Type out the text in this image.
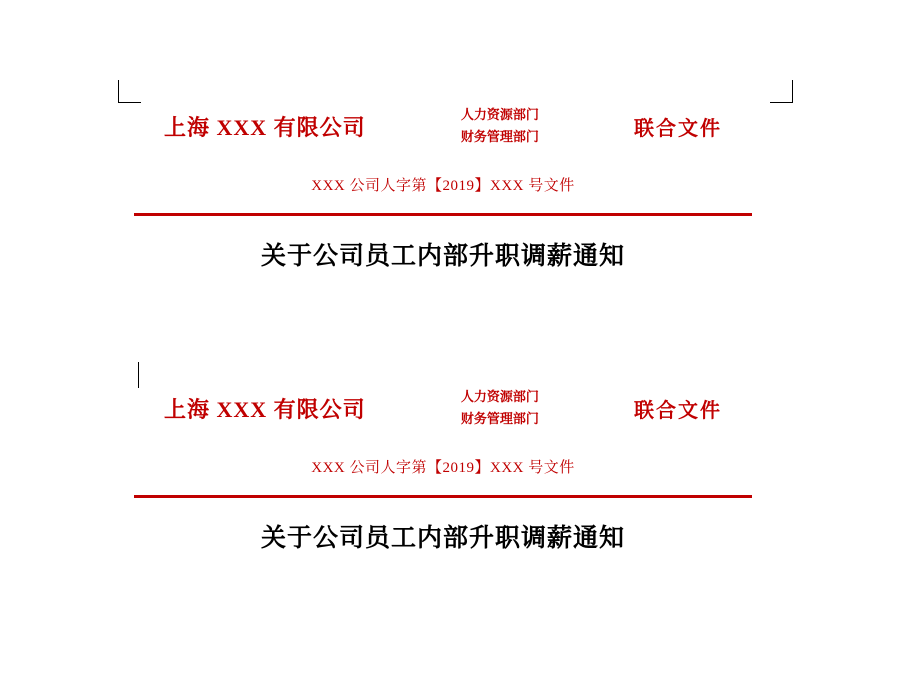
上海 XXX 有限公司	人力资源部门
财务管理部门	联合文件
XXX 公司人字第【2019】XXX 号文件
关于公司员工内部升职调薪通知
上海 XXX 有限公司	人力资源部门
财务管理部门	联合文件
XXX 公司人字第【2019】XXX 号文件
关于公司员工内部升职调薪通知
